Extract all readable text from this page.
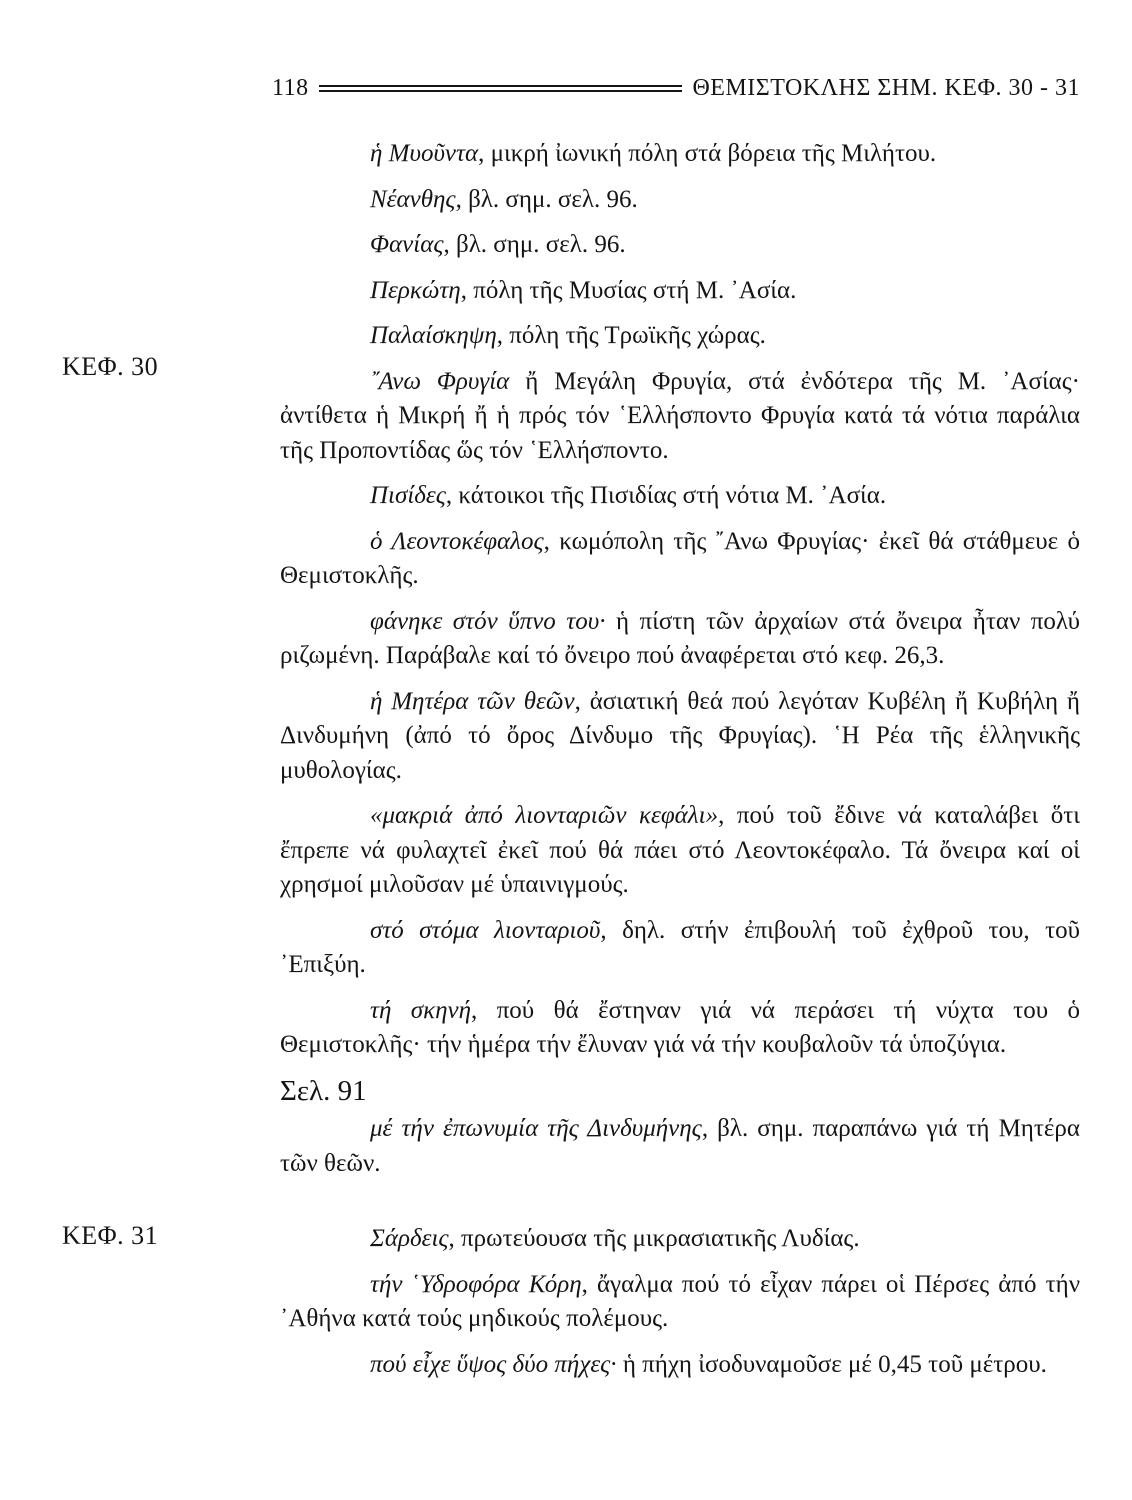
118	ΘΕΜΙΣΤΟΚΛΗΣ ΣΗΜ. ΚΕΦ. 30 - 31
ΚΕΦ. 30
ΚΕΦ. 31

ἡ Μυοῦντα, μικρή ἰωνική πόλη στά βόρεια τῆς Μιλήτου.

Νέανθης, βλ. σημ. σελ. 96.

Φανίας, βλ. σημ. σελ. 96.

Περκώτη, πόλη τῆς Μυσίας στή Μ. ᾿Ασία.

Παλαίσκηψη, πόλη τῆς Τρωϊκῆς χώρας.

῎Ανω Φρυγία ἤ Μεγάλη Φρυγία, στά ἐνδότερα τῆς Μ. ᾿Ασίας· ἀντίθετα ἡ Μικρή ἤ ἡ πρός τόν ῾Ελλήσποντο Φρυγία κατά τά νότια παράλια τῆς Προποντίδας ὥς τόν ῾Ελλήσποντο.

Πισίδες, κάτοικοι τῆς Πισιδίας στή νότια Μ. ᾿Ασία.

ὁ Λεοντοκέφαλος, κωμόπολη τῆς ῎Ανω Φρυγίας· ἐκεῖ θά στάθμευε ὁ Θεμιστοκλῆς.

φάνηκε στόν ὕπνο του· ἡ πίστη τῶν ἀρχαίων στά ὄνειρα ἦταν πολύ ριζωμένη. Παράβαλε καί τό ὄνειρο πού ἀναφέρεται στό κεφ. 26,3.

ἡ Μητέρα τῶν θεῶν, ἀσιατική θεά πού λεγόταν Κυβέλη ἤ Κυβήλη ἤ Δινδυμήνη (ἀπό τό ὄρος Δίνδυμο τῆς Φρυγίας). ῾Η Ρέα τῆς ἑλληνικῆς μυθολογίας.

«μακριά ἀπό λιονταριῶν κεφάλι», πού τοῦ ἔδινε νά καταλάβει ὅτι ἔπρεπε νά φυλαχτεῖ ἐκεῖ πού θά πάει στό Λεοντοκέφαλο. Τά ὄνειρα καί οἱ χρησμοί μιλοῦσαν μέ ὑπαινιγμούς.

στό στόμα λιονταριοῦ, δηλ. στήν ἐπιβουλή τοῦ ἐχθροῦ του, τοῦ ᾿Επιξύη.

τή σκηνή, πού θά ἔστηναν γιά νά περάσει τή νύχτα του ὁ Θεμιστοκλῆς· τήν ἡμέρα τήν ἔλυναν γιά νά τήν κουβαλοῦν τά ὑποζύγια.

Σελ. 91

μέ τήν ἐπωνυμία τῆς Δινδυμήνης, βλ. σημ. παραπάνω γιά τή Μητέρα τῶν θεῶν.

Σάρδεις, πρωτεύουσα τῆς μικρασιατικῆς Λυδίας.

τήν ῾Υδροφόρα Κόρη, ἄγαλμα πού τό εἶχαν πάρει οἱ Πέρσες ἀπό τήν ᾿Αθήνα κατά τούς μηδικούς πολέμους.

πού εἶχε ὕψος δύο πήχες· ἡ πήχη ἰσοδυναμοῦσε μέ 0,45 τοῦ μέτρου.
